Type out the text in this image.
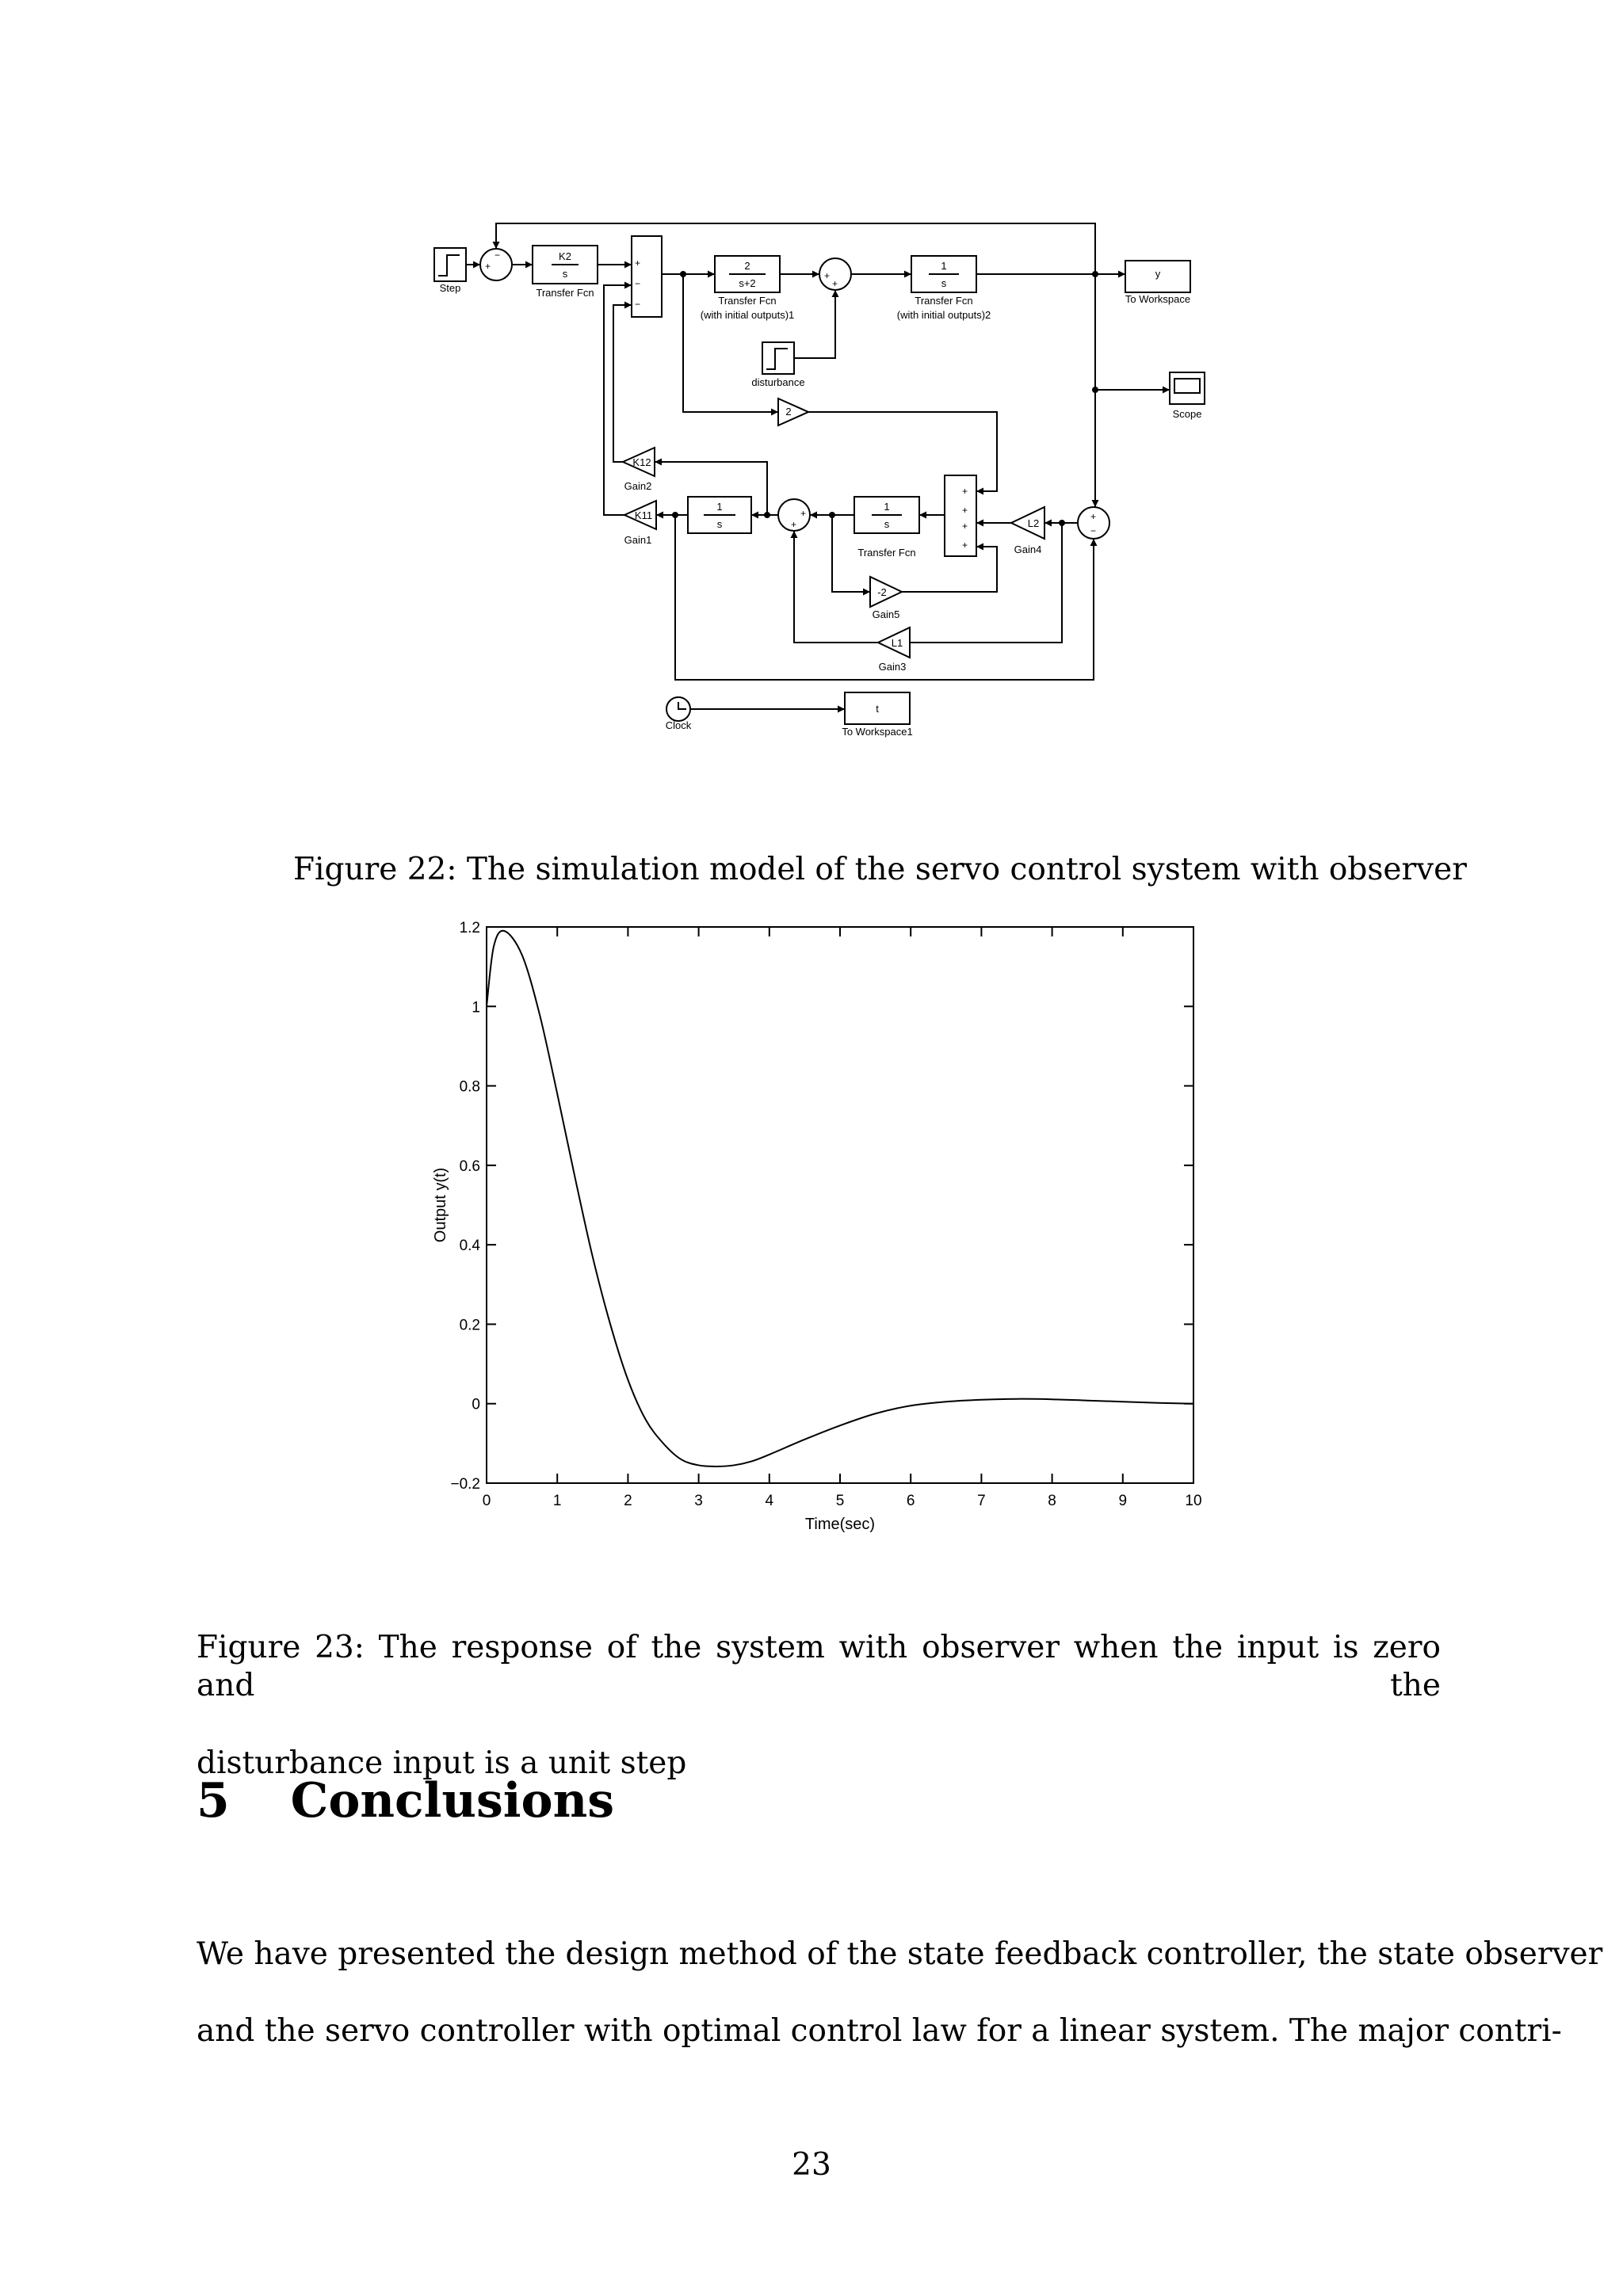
Step
K2
s
Transfer Fcn
2
s+2
Transfer Fcn
(with initial outputs)1
1
s
Transfer Fcn
(with initial outputs)2
y
To Workspace
disturbance
Scope
2
K12
Gain2
K11
Gain1
1
s
1
s
Transfer Fcn
L2
Gain4
-2
Gain5
L1
Gain3
Clock
t
To Workspace1
+
−
+
−
−
+
+
+
+
+
+
+
+
+
−
Figure 22: The simulation model of the servo control system with observer
0	1	2	3	4	5	6	7	8	9	10
−0.2
0
0.2
0.4
0.6
0.8
1
1.2
Time(sec)
Output y(t)
Figure 23: The response of the system with observer when the input is zero and the
disturbance input is a unit step
5 Conclusions
We have presented the design method of the state feedback controller, the state observer
and the servo controller with optimal control law for a linear system. The major contri-
23
